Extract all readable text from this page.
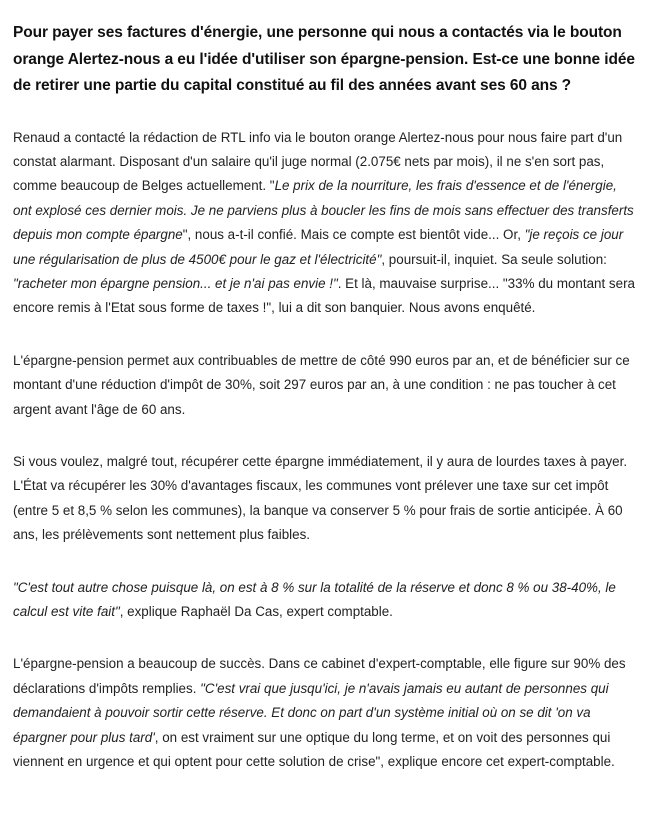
Pour payer ses factures d'énergie, une personne qui nous a contactés via le bouton orange Alertez-nous a eu l'idée d'utiliser son épargne-pension. Est-ce une bonne idée de retirer une partie du capital constitué au fil des années avant ses 60 ans ?

Renaud a contacté la rédaction de RTL info via le bouton orange Alertez-nous pour nous faire part d'un constat alarmant. Disposant d'un salaire qu'il juge normal (2.075€ nets par mois), il ne s'en sort pas, comme beaucoup de Belges actuellement. "Le prix de la nourriture, les frais d'essence et de l'énergie, ont explosé ces dernier mois. Je ne parviens plus à boucler les fins de mois sans effectuer des transferts depuis mon compte épargne", nous a-t-il confié. Mais ce compte est bientôt vide... Or, "je reçois ce jour une régularisation de plus de 4500€ pour le gaz et l'électricité", poursuit-il, inquiet. Sa seule solution: "racheter mon épargne pension... et je n'ai pas envie !". Et là, mauvaise surprise... "33% du montant sera encore remis à l'Etat sous forme de taxes !", lui a dit son banquier. Nous avons enquêté.

L'épargne-pension permet aux contribuables de mettre de côté 990 euros par an, et de bénéficier sur ce montant d'une réduction d'impôt de 30%, soit 297 euros par an, à une condition : ne pas toucher à cet argent avant l'âge de 60 ans.

Si vous voulez, malgré tout, récupérer cette épargne immédiatement, il y aura de lourdes taxes à payer. L'État va récupérer les 30% d'avantages fiscaux, les communes vont prélever une taxe sur cet impôt (entre 5 et 8,5 % selon les communes), la banque va conserver 5 % pour frais de sortie anticipée. À 60 ans, les prélèvements sont nettement plus faibles.

"C'est tout autre chose puisque là, on est à 8 % sur la totalité de la réserve et donc 8 % ou 38-40%, le calcul est vite fait", explique Raphaël Da Cas, expert comptable.

L'épargne-pension a beaucoup de succès. Dans ce cabinet d'expert-comptable, elle figure sur 90% des déclarations d'impôts remplies. "C'est vrai que jusqu'ici, je n'avais jamais eu autant de personnes qui demandaient à pouvoir sortir cette réserve. Et donc on part d'un système initial où on se dit 'on va épargner pour plus tard', on est vraiment sur une optique du long terme, et on voit des personnes qui viennent en urgence et qui optent pour cette solution de crise", explique encore cet expert-comptable.
